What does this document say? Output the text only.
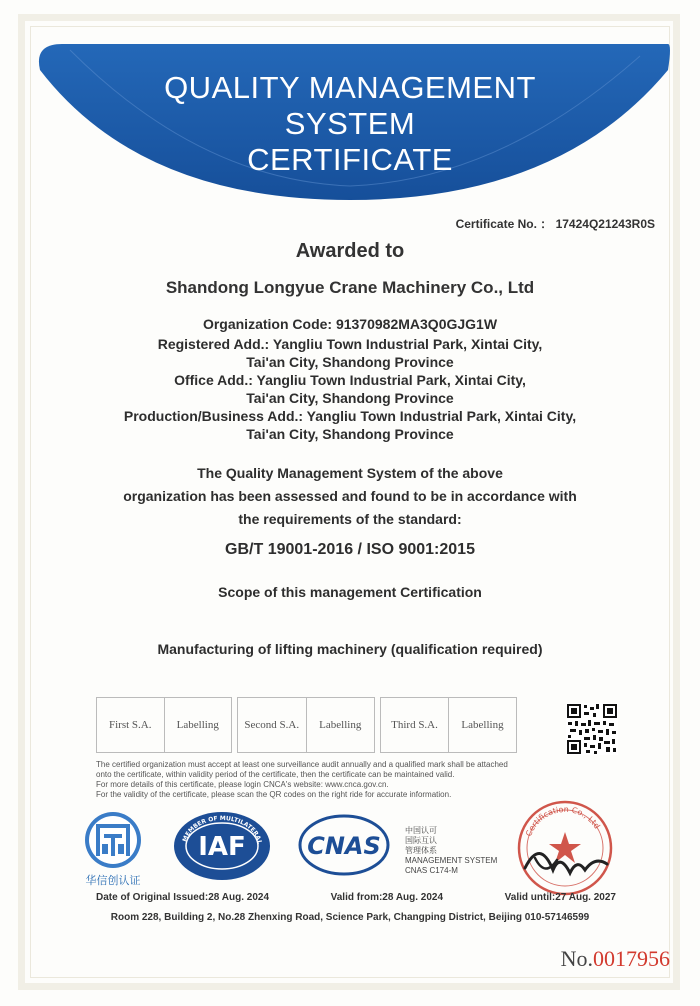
QUALITY MANAGEMENT
SYSTEM
CERTIFICATE
Certificate No. ： 17424Q21243R0S
Awarded to
Shandong Longyue Crane Machinery Co., Ltd
Organization Code: 91370982MA3Q0GJG1W
Registered Add.: Yangliu Town Industrial Park, Xintai City,
Tai'an City, Shandong Province
Office Add.: Yangliu Town Industrial Park, Xintai City,
Tai'an City, Shandong Province
Production/Business Add.: Yangliu Town Industrial Park, Xintai City,
Tai'an City, Shandong Province
The Quality Management System of the above
organization has been assessed and found to be in accordance with
the requirements of the standard:
GB/T 19001-2016 / ISO 9001:2015
Scope of this management Certification
Manufacturing of lifting machinery (qualification required)
First S.A.	Labelling	Second S.A.	Labelling	Third S.A.	Labelling
The certified organization must accept at least one surveillance audit annually and a qualified mark shall be attached
onto the certificate, within validity period of the certificate, then the certificate can be maintained valid.
For more details of this certificate, please login CNCA's website: www.cnca.gov.cn.
For the validity of the certificate, please scan the QR codes on the right ride for accurate information.
华信创认证
MEMBER OF MULTILATERAL
IAF	CNAS
中国认可
国际互认
管理体系
MANAGEMENT SYSTEM
CNAS C174-M
Certification Co., Ltd
Date of Original Issued:28 Aug. 2024	Valid from:28 Aug. 2024	Valid until:27 Aug. 2027
Room 228, Building 2, No.28 Zhenxing Road, Science Park, Changping District, Beijing 010-57146599
No.0017956
